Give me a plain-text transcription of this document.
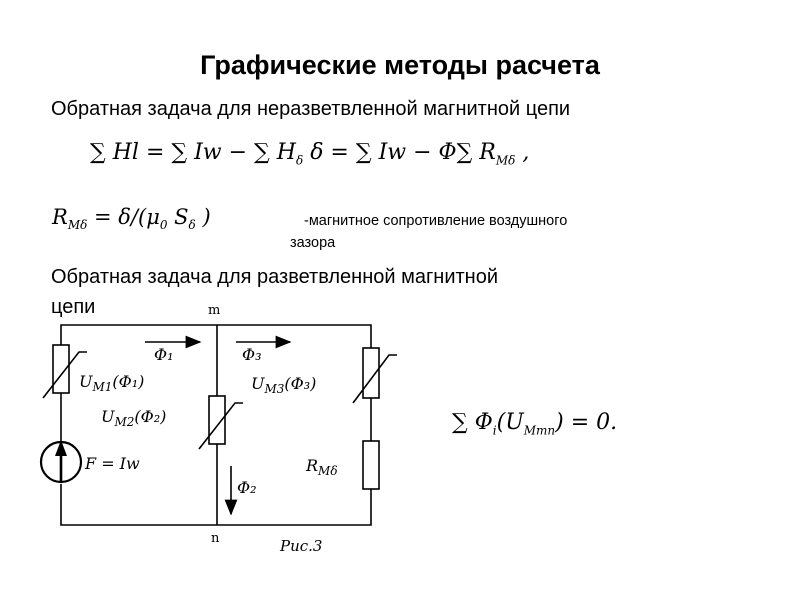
Графические методы расчета
Обратная задача для неразветвленной магнитной цепи
∑ Hl = ∑ Iw − ∑ $H_\delta$ δ = ∑ Iw − Φ∑ $R_{M\delta}$ ,
$R_{M\delta} = \delta/(\mu_0$ $S_\delta$ )	-магнитное сопротивление воздушного
зазора
Обратная задача для разветвленной магнитной
цепи	m
n
Φ₁	Φ₃
Φ₂
$U_{M1}(\Phi_1)$
$U_{M2}(\Phi_2)$
$U_{M3}(\Phi_3)$
F = Iw	$R_{M\delta}$
Рис.3
∑ $\Phi_i(U_{Mmn}) = 0$.
